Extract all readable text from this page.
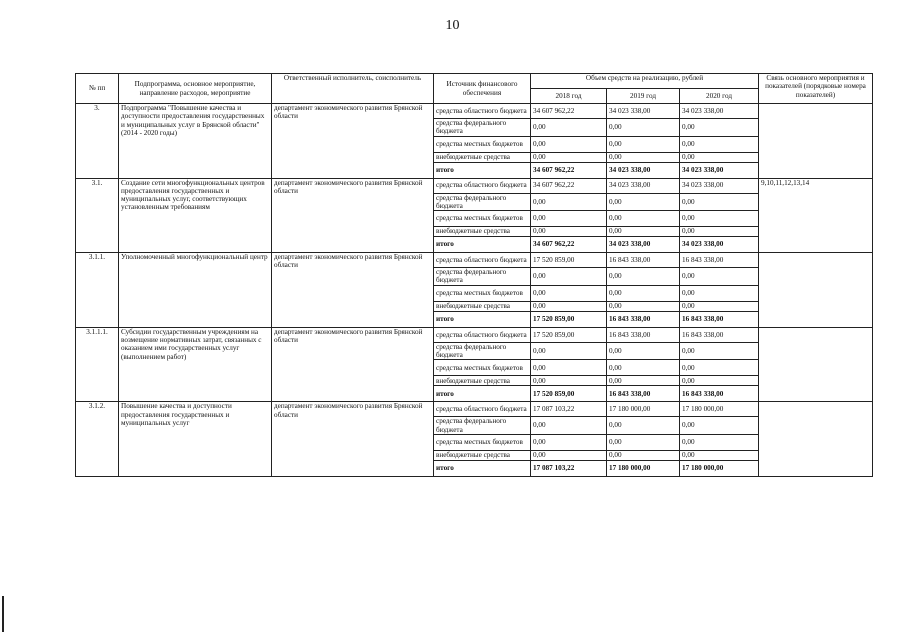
10
№ пп	Подпрограмма, основное мероприятие, направление расходов, мероприятие	Ответственный исполнитель, соисполнитель	Источник финансового обеспечения	Объем средств на реализацию, рублей			Связь основного мероприятия и показателей (порядковые номера показателей)
				2018 год	2019 год	2020 год	
3.	Подпрограмма "Повышение качества и доступности предоставления государственных и муниципальных услуг в Брянской области" (2014 - 2020 годы)	департамент экономического развития Брянской области	средства областного бюджета	34 607 962,22	34 023 338,00	34 023 338,00	
			средства федерального бюджета	0,00	0,00	0,00	
			средства местных бюджетов	0,00	0,00	0,00	
			внебюджетные средства	0,00	0,00	0,00	
			итого	34 607 962,22	34 023 338,00	34 023 338,00	
3.1.	Создание сети многофункциональных центров предоставления государственных и муниципальных услуг, соответствующих установленным требованиям	департамент экономического развития Брянской области	средства областного бюджета	34 607 962,22	34 023 338,00	34 023 338,00	9,10,11,12,13,14
			средства федерального бюджета	0,00	0,00	0,00	
			средства местных бюджетов	0,00	0,00	0,00	
			внебюджетные средства	0,00	0,00	0,00	
			итого	34 607 962,22	34 023 338,00	34 023 338,00	
3.1.1.	Уполномоченный многофункциональный центр	департамент экономического развития Брянской области	средства областного бюджета	17 520 859,00	16 843 338,00	16 843 338,00	
			средства федерального бюджета	0,00	0,00	0,00	
			средства местных бюджетов	0,00	0,00	0,00	
			внебюджетные средства	0,00	0,00	0,00	
			итого	17 520 859,00	16 843 338,00	16 843 338,00	
3.1.1.1.	Субсидии государственным учреждениям на возмещение нормативных затрат, связанных с оказанием ими государственных услуг (выполнением работ)	департамент экономического развития Брянской области	средства областного бюджета	17 520 859,00	16 843 338,00	16 843 338,00	
			средства федерального бюджета	0,00	0,00	0,00	
			средства местных бюджетов	0,00	0,00	0,00	
			внебюджетные средства	0,00	0,00	0,00	
			итого	17 520 859,00	16 843 338,00	16 843 338,00	
3.1.2.	Повышение качества и доступности предоставления государственных и муниципальных услуг	департамент экономического развития Брянской области	средства областного бюджета	17 087 103,22	17 180 000,00	17 180 000,00	
			средства федерального бюджета	0,00	0,00	0,00	
			средства местных бюджетов	0,00	0,00	0,00	
			внебюджетные средства	0,00	0,00	0,00	
			итого	17 087 103,22	17 180 000,00	17 180 000,00	
